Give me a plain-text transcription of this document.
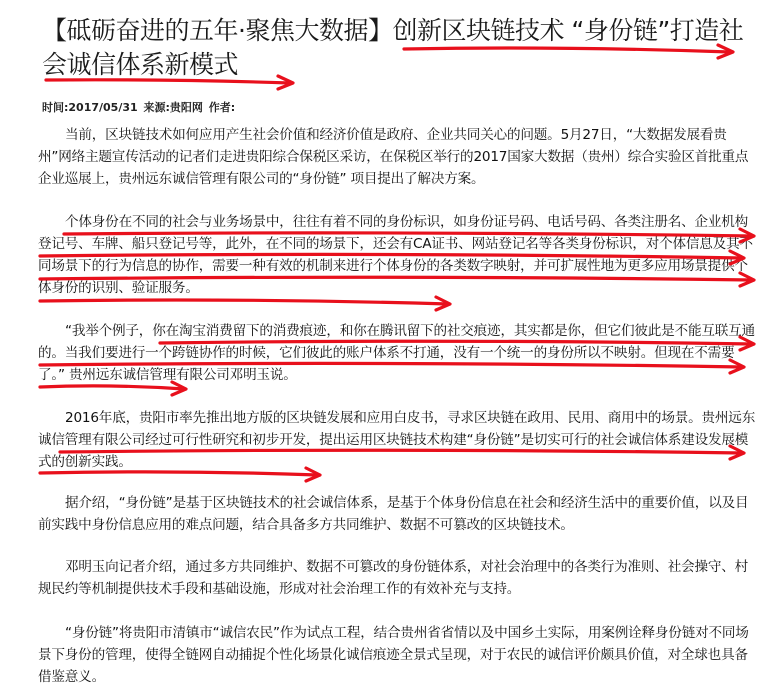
【砥砺奋进的五年·聚焦大数据】创新区块链技术 “身份链”打造社会诚信体系新模式
时间:2017/05/31 来源:贵阳网 作者:

当前，区块链技术如何应用产生社会价值和经济价值是政府、企业共同关心的问题。5月27日，“大数据发展看贵州”网络主题宣传活动的记者们走进贵阳综合保税区采访，在保税区举行的2017国家大数据（贵州）综合实验区首批重点企业巡展上，贵州远东诚信管理有限公司的“身份链” 项目提出了解决方案。

个体身份在不同的社会与业务场景中，往往有着不同的身份标识，如身份证号码、电话号码、各类注册名、企业机构登记号、车牌、船只登记号等，此外，在不同的场景下，还会有CA证书、网站登记名等各类身份标识，对个体信息及其不同场景下的行为信息的协作，需要一种有效的机制来进行个体身份的各类数字映射，并可扩展性地为更多应用场景提供个体身份的识别、验证服务。

“我举个例子，你在淘宝消费留下的消费痕迹，和你在腾讯留下的社交痕迹，其实都是你，但它们彼此是不能互联互通的。当我们要进行一个跨链协作的时候，它们彼此的账户体系不打通，没有一个统一的身份所以不映射。但现在不需要了。” 贵州远东诚信管理有限公司邓明玉说。

2016年底，贵阳市率先推出地方版的区块链发展和应用白皮书，寻求区块链在政用、民用、商用中的场景。贵州远东诚信管理有限公司经过可行性研究和初步开发，提出运用区块链技术构建“身份链”是切实可行的社会诚信体系建设发展模式的创新实践。

据介绍，“身份链”是基于区块链技术的社会诚信体系，是基于个体身份信息在社会和经济生活中的重要价值，以及目前实践中身份信息应用的难点问题，结合具备多方共同维护、数据不可篡改的区块链技术。

邓明玉向记者介绍，通过多方共同维护、数据不可篡改的身份链体系，对社会治理中的各类行为准则、社会操守、村规民约等机制提供技术手段和基础设施，形成对社会治理工作的有效补充与支持。

“身份链”将贵阳市清镇市“诚信农民”作为试点工程，结合贵州省省情以及中国乡土实际，用案例诠释身份链对不同场景下身份的管理，使得全链网自动捕捉个性化场景化诚信痕迹全景式呈现，对于农民的诚信评价颇具价值，对全球也具备借鉴意义。
